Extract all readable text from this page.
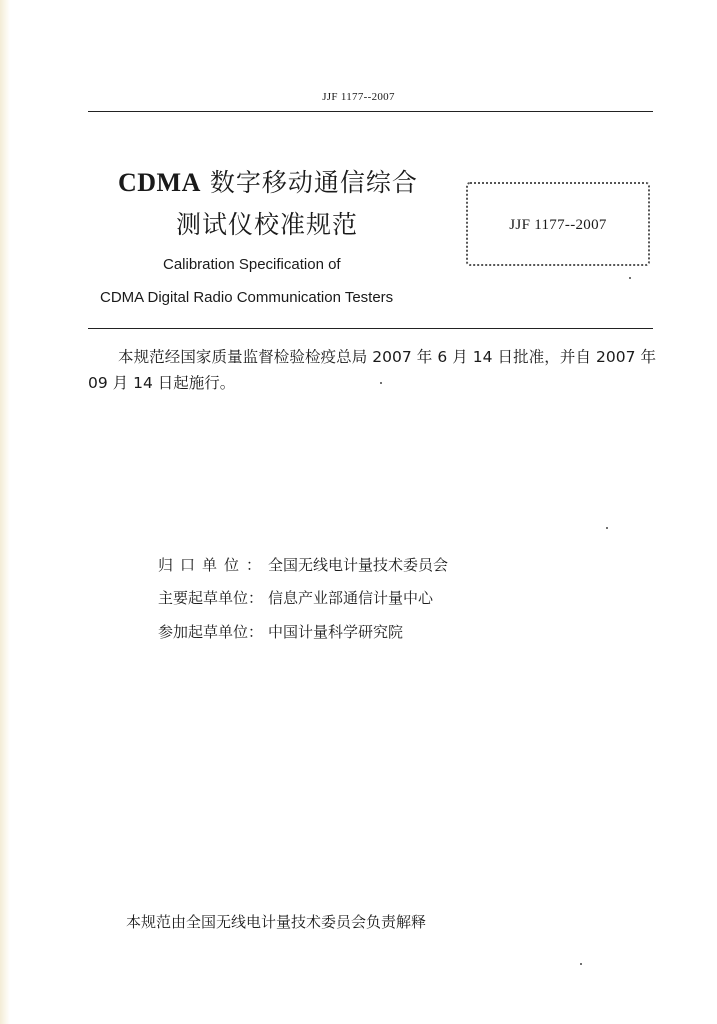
JJF 1177--2007
CDMA 数字移动通信综合
测试仪校准规范
Calibration Specification of
CDMA Digital Radio Communication Testers
JJF 1177--2007
本规范经国家质量监督检验检疫总局 2007 年 6 月 14 日批准，并自 2007 年 09 月 14 日起施行。
归口单位：全国无线电计量技术委员会
主要起草单位： 信息产业部通信计量中心
参加起草单位： 中国计量科学研究院
本规范由全国无线电计量技术委员会负责解释
